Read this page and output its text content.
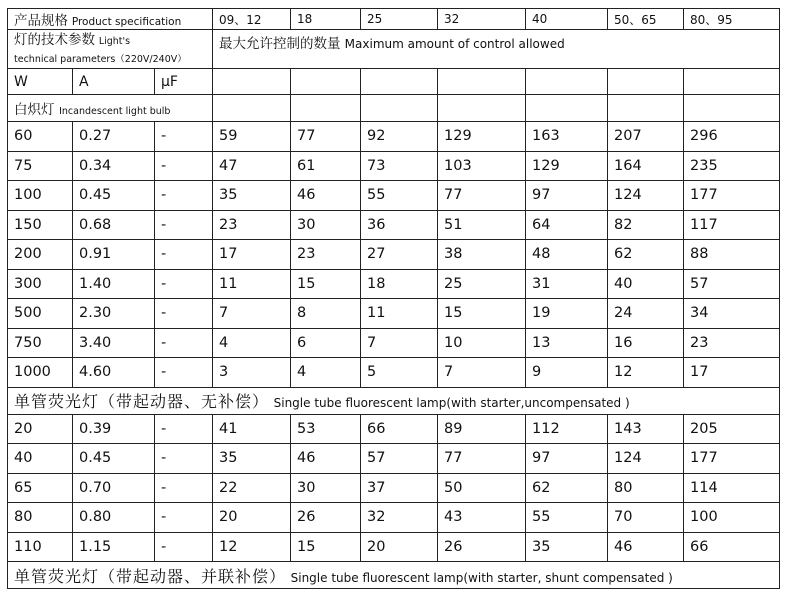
产品规格 Product specification			09、12	18	25	32	40	50、65	80、95
灯的技术参数 Light's
technical parameters（220V/240V）			最大允许控制的数量 Maximum amount of control allowed						
W	A	μF							
白炽灯 Incandescent light bulb									
60	0.27	-	59	77	92	129	163	207	296
75	0.34	-	47	61	73	103	129	164	235
100	0.45	-	35	46	55	77	97	124	177
150	0.68	-	23	30	36	51	64	82	117
200	0.91	-	17	23	27	38	48	62	88
300	1.40	-	11	15	18	25	31	40	57
500	2.30	-	7	8	11	15	19	24	34
750	3.40	-	4	6	7	10	13	16	23
1000	4.60	-	3	4	5	7	9	12	17
单管荧光灯（带起动器、无补偿） Single tube fluorescent lamp(with starter,uncompensated )									
20	0.39	-	41	53	66	89	112	143	205
40	0.45	-	35	46	57	77	97	124	177
65	0.70	-	22	30	37	50	62	80	114
80	0.80	-	20	26	32	43	55	70	100
110	1.15	-	12	15	20	26	35	46	66
单管荧光灯（带起动器、并联补偿） Single tube fluorescent lamp(with starter, shunt compensated )									
